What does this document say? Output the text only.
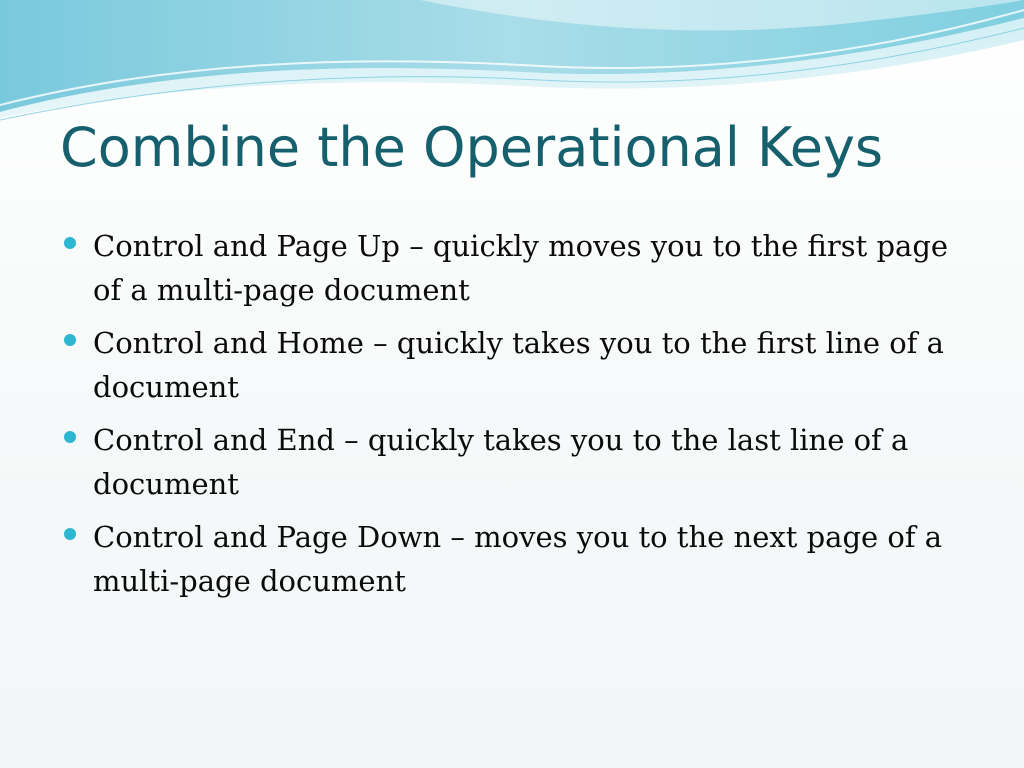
Combine the Operational Keys
Control and Page Up – quickly moves you to the first page of a multi-page document
Control and Home – quickly takes you to the first line of a document
Control and End – quickly takes you to the last line of a document
Control and Page Down – moves you to the next page of a multi-page document
